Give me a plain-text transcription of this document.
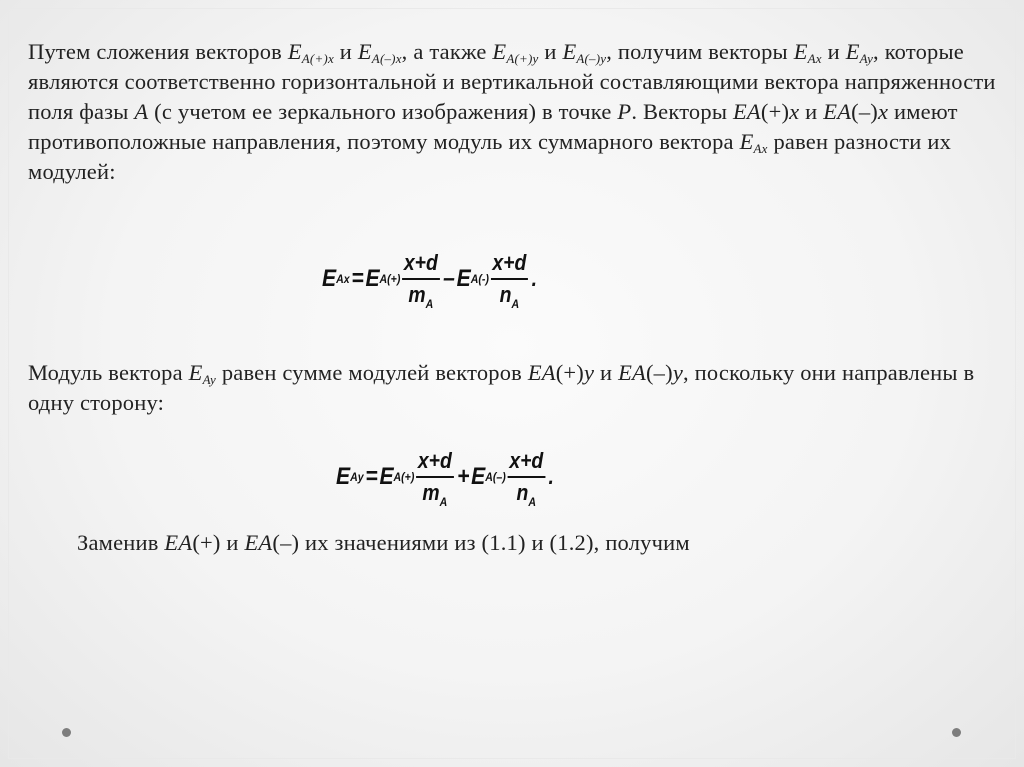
Путем сложения векторов $E_{A(+)x}$ и $E_{A(-)x}$, а также $E_{A(+)y}$ и $E_{A(-)y}$, получим векторы $E_{Ax}$ и $E_{Ay}$, которые являются соответственно горизонтальной и вертикальной составляющими вектора напряженности поля фазы А (с учетом ее зеркального изображения) в точке Р. Векторы ЕА(+)x и ЕА(–)x имеют противоположные направления, поэтому модуль их суммарного вектора $E_{Ax}$ равен разности их модулей:
E Ax = E $A(+) \frac{x+d}{m_A} - E$ $A(-) \frac{x+d}{n_A}$ .
Модуль вектора $E_{Ay}$ равен сумме модулей векторов ЕА(+)y и ЕА(–)y, поскольку они направлены в одну сторону:
E Ay = E $A(+) \frac{x+d}{m_A} + E$ $A(-) \frac{x+d}{n_A}$ .
Заменив ЕА(+) и ЕА(–) их значениями из (1.1) и (1.2), получим
